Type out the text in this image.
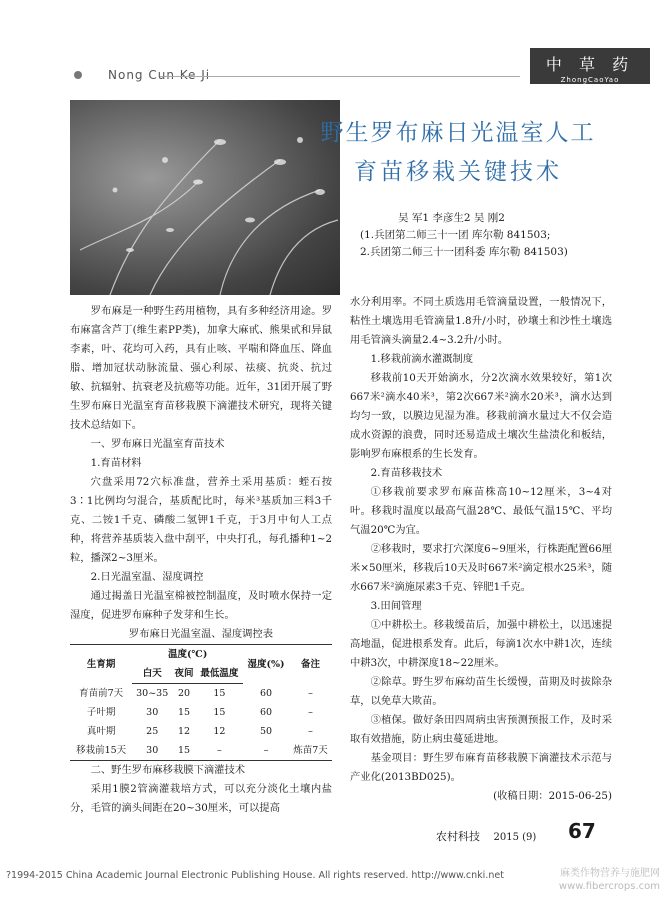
Nong Cun Ke Ji
中 草 药
ZhongCaoYao
野生罗布麻日光温室人工
育苗移栽关键技术
吴 军1 李彦生2 吴 刚2
(1.兵团第二师三十一团 库尔勒 841503;
2.兵团第二师三十一团科委 库尔勒 841503)

罗布麻是一种野生药用植物，具有多种经济用途。罗布麻富含芦丁(维生素PP类)，加拿大麻甙、熊果甙和异鼠李素，叶、花均可入药，具有止咳、平喘和降血压、降血脂、增加冠状动脉流量、强心利尿、祛痰、抗炎、抗过敏、抗辐射、抗衰老及抗癌等功能。近年，31团开展了野生罗布麻日光温室育苗移栽膜下滴灌技术研究，现将关键技术总结如下。

一、罗布麻日光温室育苗技术

1.育苗材料

穴盘采用72穴标准盘，营养土采用基质：蛭石按3∶1比例均匀混合，基质配比时，每米³基质加三料3千克、二铵1千克、磷酸二氢钾1千克，于3月中旬人工点种，将营养基质装入盘中刮平，中央打孔，每孔播种1~2粒，播深2~3厘米。

2.日光温室温、湿度调控

通过揭盖日光温室棉被控制温度，及时喷水保持一定湿度，促进罗布麻种子发芽和生长。

罗布麻日光温室温、湿度调控表

生育期	温度(℃)			湿度(%)	备注
	白天	夜间	最低温度		
育苗前7天	30~35	20	15	60	–
子叶期	30	15	15	60	–
真叶期	25	12	12	50	–
移栽前15天	30	15	–	–	炼苗7天

二、野生罗布麻移栽膜下滴灌技术

采用1膜2管滴灌栽培方式，可以充分淡化土壤内盐分，毛管的滴头间距在20~30厘米，可以提高

水分利用率。不同土质选用毛管滴量设置，一般情况下，粘性土壤选用毛管滴量1.8升/小时，砂壤土和沙性土壤选用毛管滴头滴量2.4~3.2升/小时。

1.移栽前滴水灌溉制度

移栽前10天开始滴水，分2次滴水效果较好，第1次667米²滴水40米³，第2次667米²滴水20米³，滴水达到均匀一致，以膜边见湿为准。移栽前滴水量过大不仅会造成水资源的浪费，同时还易造成土壤次生盐渍化和板结，影响罗布麻根系的生长发育。

2.育苗移栽技术

①移栽前要求罗布麻苗株高10~12厘米，3~4对叶。移栽时温度以最高气温28℃、最低气温15℃、平均气温20℃为宜。

②移栽时，要求打穴深度6~9厘米，行株距配置66厘米×50厘米，移栽后10天及时667米²滴定根水25米³，随水667米²滴施尿素3千克、锌肥1千克。

3.田间管理

①中耕松土。移栽缓苗后，加强中耕松土，以迅速提高地温，促进根系发育。此后，每滴1次水中耕1次，连续中耕3次，中耕深度18~22厘米。

②除草。野生罗布麻幼苗生长缓慢，苗期及时拔除杂草，以免草大欺苗。

③植保。做好条田四周病虫害预测预报工作，及时采取有效措施，防止病虫蔓延进地。

基金项目：野生罗布麻育苗移栽膜下滴灌技术示范与产业化(2013BD025)。

(收稿日期：2015-06-25)

农村科技 2015 (9) 67
?1994-2015 China Academic Journal Electronic Publishing House. All rights reserved. http://www.cnki.net	麻类作物营养与施肥网
www.fibercrops.com
